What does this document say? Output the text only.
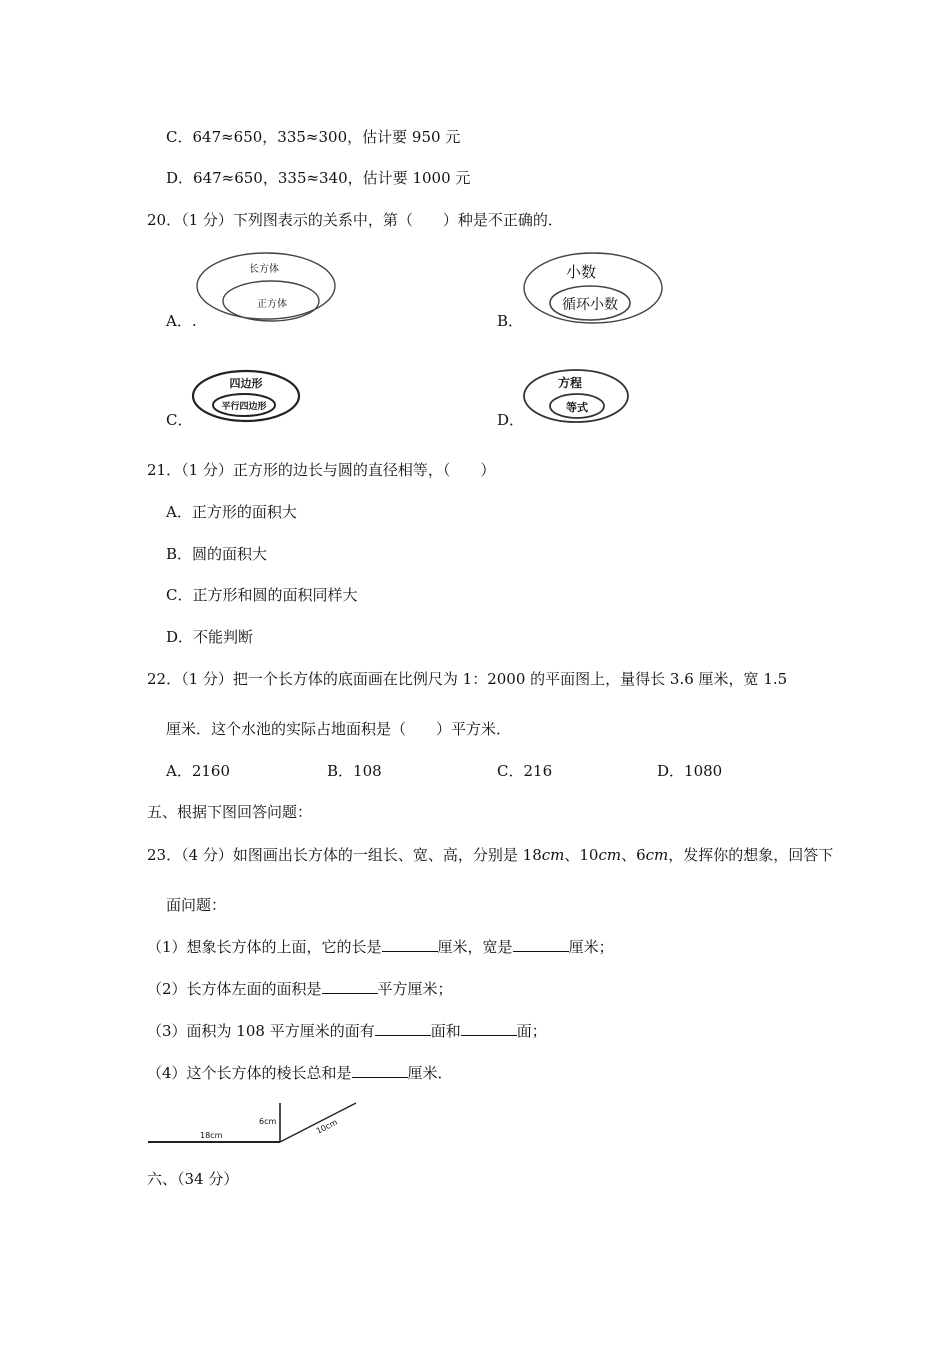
C．647≈650，335≈300，估计要 950 元
D．647≈650，335≈340，估计要 1000 元
20．（1 分）下列图表示的关系中，第（　　）种是不正确的．
A．.
长方体
正方体
B．
小数
循环小数
C．
四边形
平行四边形
D．
方程
等式
21．（1 分）正方形的边长与圆的直径相等，（　　）
A．正方形的面积大
B．圆的面积大
C．正方形和圆的面积同样大
D．不能判断
22．（1 分）把一个长方体的底面画在比例尺为 1：2000 的平面图上，量得长 3.6 厘米，宽 1.5
厘米．这个水池的实际占地面积是（　　）平方米．
A．2160	B．108	C．216	D．1080
五、根据下图回答问题：
23．（4 分）如图画出长方体的一组长、宽、高，分别是 18cm、10cm、6cm，发挥你的想象，回答下
面问题：
（1）想象长方体的上面，它的长是	厘米，宽是	厘米；
（2）长方体左面的面积是	平方厘米；
（3）面积为 108 平方厘米的面有	面和	面；
（4）这个长方体的棱长总和是	厘米．
18cm
6cm	10cm
六、（34 分）
